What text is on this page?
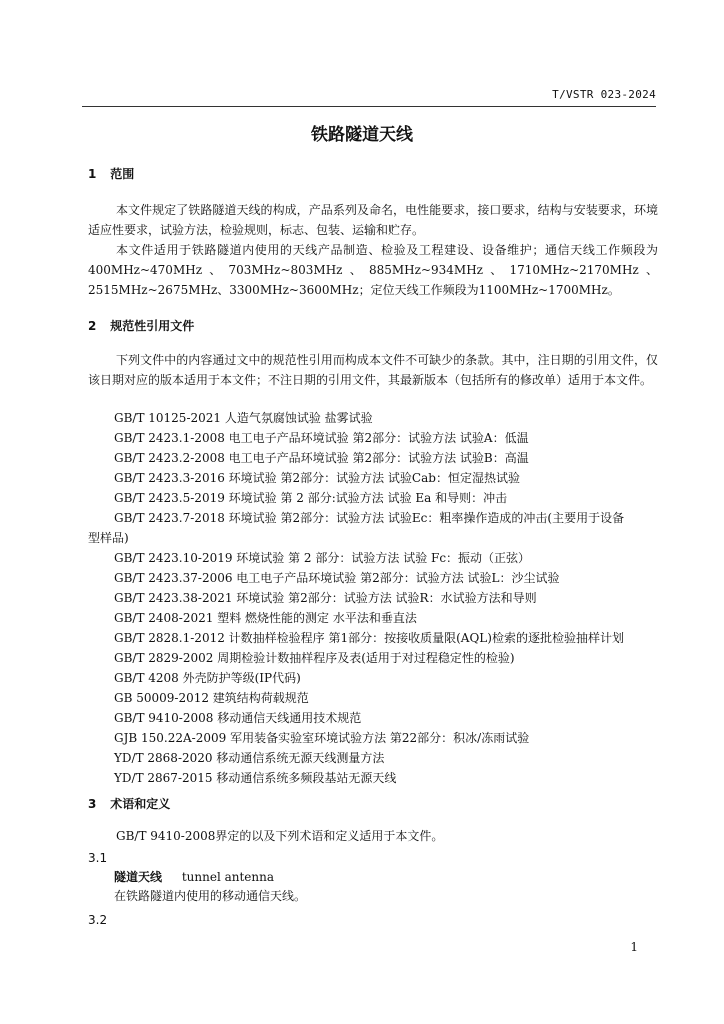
T/VSTR 023-2024
铁路隧道天线
1 范围
本文件规定了铁路隧道天线的构成，产品系列及命名，电性能要求，接口要求，结构与安装要求，环境适应性要求，试验方法，检验规则，标志、包装、运输和贮存。
本文件适用于铁路隧道内使用的天线产品制造、检验及工程建设、设备维护；通信天线工作频段为400MHz~470MHz、703MHz~803MHz、885MHz~934MHz、1710MHz~2170MHz、2515MHz~2675MHz、3300MHz~3600MHz；定位天线工作频段为1100MHz~1700MHz。
2 规范性引用文件
下列文件中的内容通过文中的规范性引用而构成本文件不可缺少的条款。其中，注日期的引用文件，仅该日期对应的版本适用于本文件；不注日期的引用文件，其最新版本（包括所有的修改单）适用于本文件。
GB/T 10125-2021 人造气氛腐蚀试验 盐雾试验
GB/T 2423.1-2008 电工电子产品环境试验 第2部分：试验方法 试验A：低温
GB/T 2423.2-2008 电工电子产品环境试验 第2部分：试验方法 试验B：高温
GB/T 2423.3-2016 环境试验 第2部分：试验方法 试验Cab：恒定湿热试验
GB/T 2423.5-2019 环境试验 第 2 部分:试验方法 试验 Ea 和导则：冲击
GB/T 2423.7-2018 环境试验 第2部分：试验方法 试验Ec：粗率操作造成的冲击(主要用于设备
型样品)
GB/T 2423.10-2019 环境试验 第 2 部分：试验方法 试验 Fc：振动（正弦）
GB/T 2423.37-2006 电工电子产品环境试验 第2部分：试验方法 试验L：沙尘试验
GB/T 2423.38-2021 环境试验 第2部分：试验方法 试验R：水试验方法和导则
GB/T 2408-2021 塑料 燃烧性能的测定 水平法和垂直法
GB/T 2828.1-2012 计数抽样检验程序 第1部分：按接收质量限(AQL)检索的逐批检验抽样计划
GB/T 2829-2002 周期检验计数抽样程序及表(适用于对过程稳定性的检验)
GB/T 4208 外壳防护等级(IP代码)
GB 50009-2012 建筑结构荷载规范
GB/T 9410-2008 移动通信天线通用技术规范
GJB 150.22A-2009 军用装备实验室环境试验方法 第22部分：积冰/冻雨试验
YD/T 2868-2020 移动通信系统无源天线测量方法
YD/T 2867-2015 移动通信系统多频段基站无源天线
3 术语和定义
GB/T 9410-2008界定的以及下列术语和定义适用于本文件。
3.1
隧道天线 tunnel antenna
在铁路隧道内使用的移动通信天线。
3.2
1
